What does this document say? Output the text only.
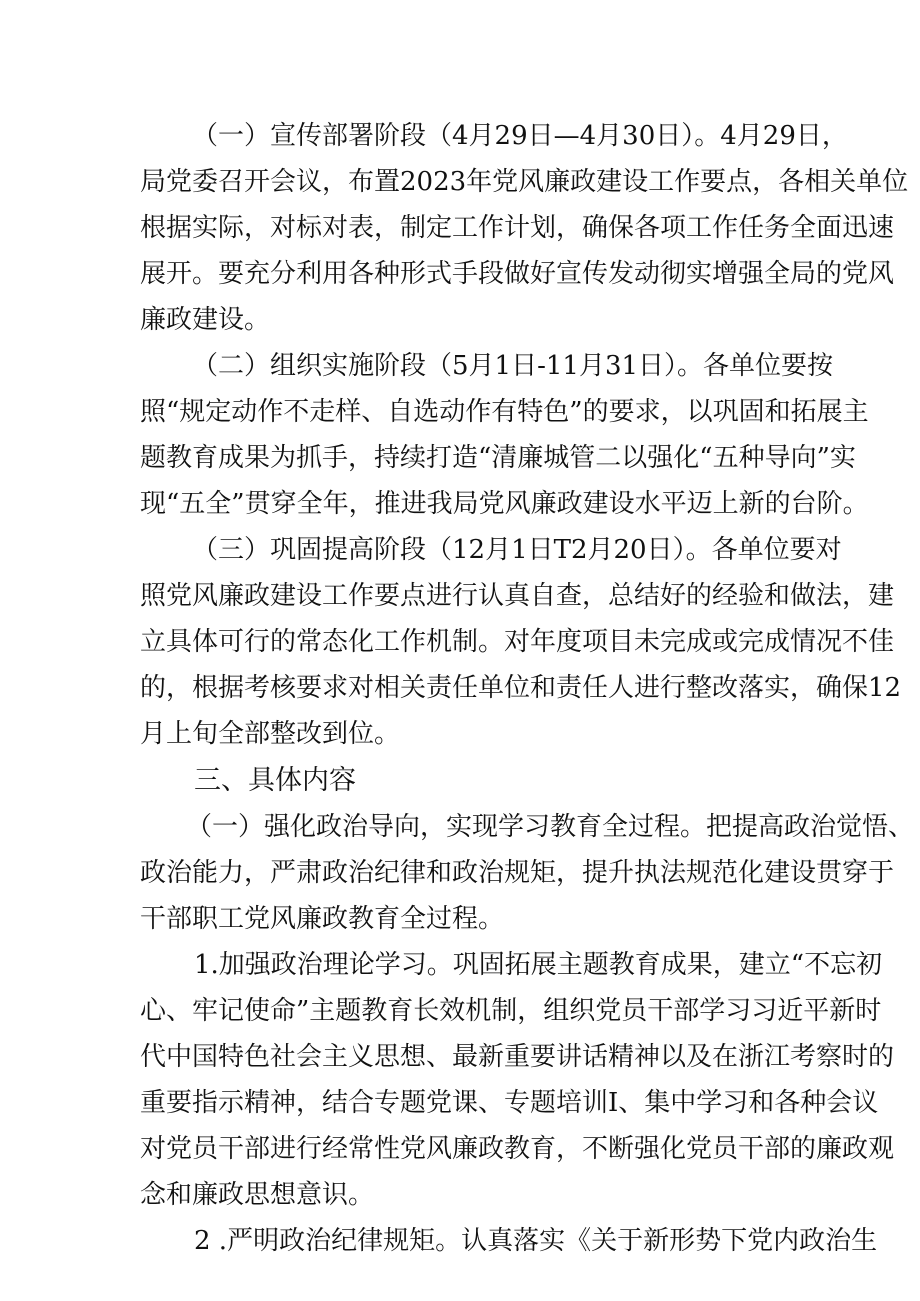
（一）宣传部署阶段（4月29日—4月30日）。4月29日，
局党委召开会议，布置2023年党风廉政建设工作要点，各相关单位
根据实际，对标对表，制定工作计划，确保各项工作任务全面迅速
展开。要充分利用各种形式手段做好宣传发动彻实增强全局的党风
廉政建设。
（二）组织实施阶段（5月1日-11月31日）。各单位要按
照“规定动作不走样、自选动作有特色”的要求，以巩固和拓展主
题教育成果为抓手，持续打造“清廉城管二以强化“五种导向”实
现“五全”贯穿全年，推进我局党风廉政建设水平迈上新的台阶。
（三）巩固提高阶段（12月1日T2月20日）。各单位要对
照党风廉政建设工作要点进行认真自查，总结好的经验和做法，建
立具体可行的常态化工作机制。对年度项目未完成或完成情况不佳
的，根据考核要求对相关责任单位和责任人进行整改落实，确保12
月上旬全部整改到位。
三、具体内容
（一）强化政治导向，实现学习教育全过程。把提高政治觉悟、
政治能力，严肃政治纪律和政治规矩，提升执法规范化建设贯穿于
干部职工党风廉政教育全过程。
1.加强政治理论学习。巩固拓展主题教育成果，建立“不忘初
心、牢记使命”主题教育长效机制，组织党员干部学习习近平新时
代中国特色社会主义思想、最新重要讲话精神以及在浙江考察时的
重要指示精神，结合专题党课、专题培训I、集中学习和各种会议
对党员干部进行经常性党风廉政教育，不断强化党员干部的廉政观
念和廉政思想意识。
2 .严明政治纪律规矩。认真落实《关于新形势下党内政治生
